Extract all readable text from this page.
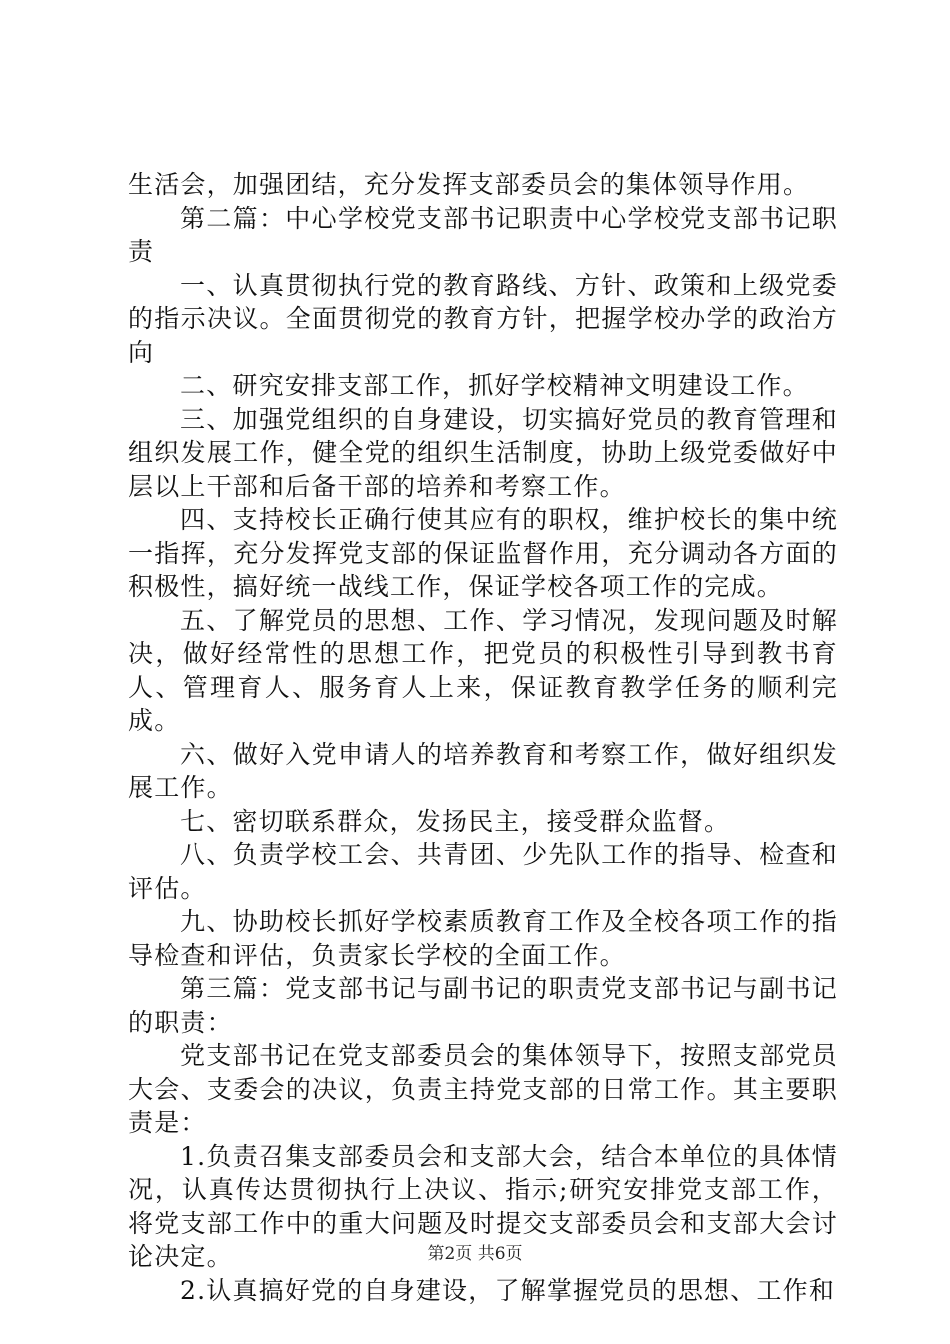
生活会，加强团结，充分发挥支部委员会的集体领导作用。

第二篇：中心学校党支部书记职责中心学校党支部书记职责

一、认真贯彻执行党的教育路线、方针、政策和上级党委的指示决议。全面贯彻党的教育方针，把握学校办学的政治方向

二、研究安排支部工作，抓好学校精神文明建设工作。

三、加强党组织的自身建设，切实搞好党员的教育管理和组织发展工作，健全党的组织生活制度，协助上级党委做好中层以上干部和后备干部的培养和考察工作。

四、支持校长正确行使其应有的职权，维护校长的集中统一指挥，充分发挥党支部的保证监督作用，充分调动各方面的积极性，搞好统一战线工作，保证学校各项工作的完成。

五、了解党员的思想、工作、学习情况，发现问题及时解决，做好经常性的思想工作，把党员的积极性引导到教书育人、管理育人、服务育人上来，保证教育教学任务的顺利完成。

六、做好入党申请人的培养教育和考察工作，做好组织发展工作。

七、密切联系群众，发扬民主，接受群众监督。

八、负责学校工会、共青团、少先队工作的指导、检查和评估。

九、协助校长抓好学校素质教育工作及全校各项工作的指导检查和评估，负责家长学校的全面工作。

第三篇：党支部书记与副书记的职责党支部书记与副书记的职责：

党支部书记在党支部委员会的集体领导下，按照支部党员大会、支委会的决议，负责主持党支部的日常工作。其主要职责是：

1.负责召集支部委员会和支部大会，结合本单位的具体情况，认真传达贯彻执行上决议、指示;研究安排党支部工作，将党支部工作中的重大问题及时提交支部委员会和支部大会讨论决定。

2.认真搞好党的自身建设，了解掌握党员的思想、工作和

第2页 共6页
